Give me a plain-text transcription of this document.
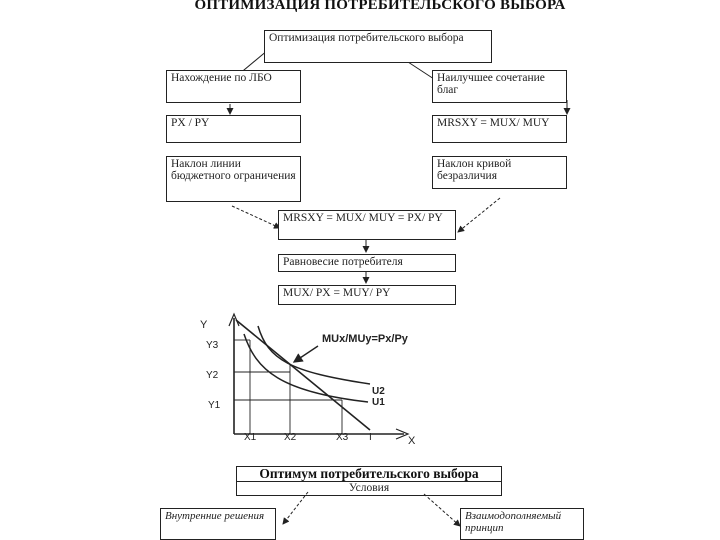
ОПТИМИЗАЦИЯ ПОТРЕБИТЕЛЬСКОГО ВЫБОРА
Оптимизация потребительского выбора
Нахождение по ЛБО	Наилучшее сочетание благ
PX / PY	MRSXY = MUX/ MUY
Наклон линии бюджетного ограничения
Наклон кривой безразличия
MRSXY = MUX/ MUY = PX/ PY
Равновесие потребителя
MUX/ PX = MUY/ PY
Y
X
Y3
Y2
Y1
X1	X2	X3 I
MUx/MUy=Px/Py
U2
U1
Оптимум потребительского выбора
Условия
Внутренние решения	Взаимодополняемый принцип
